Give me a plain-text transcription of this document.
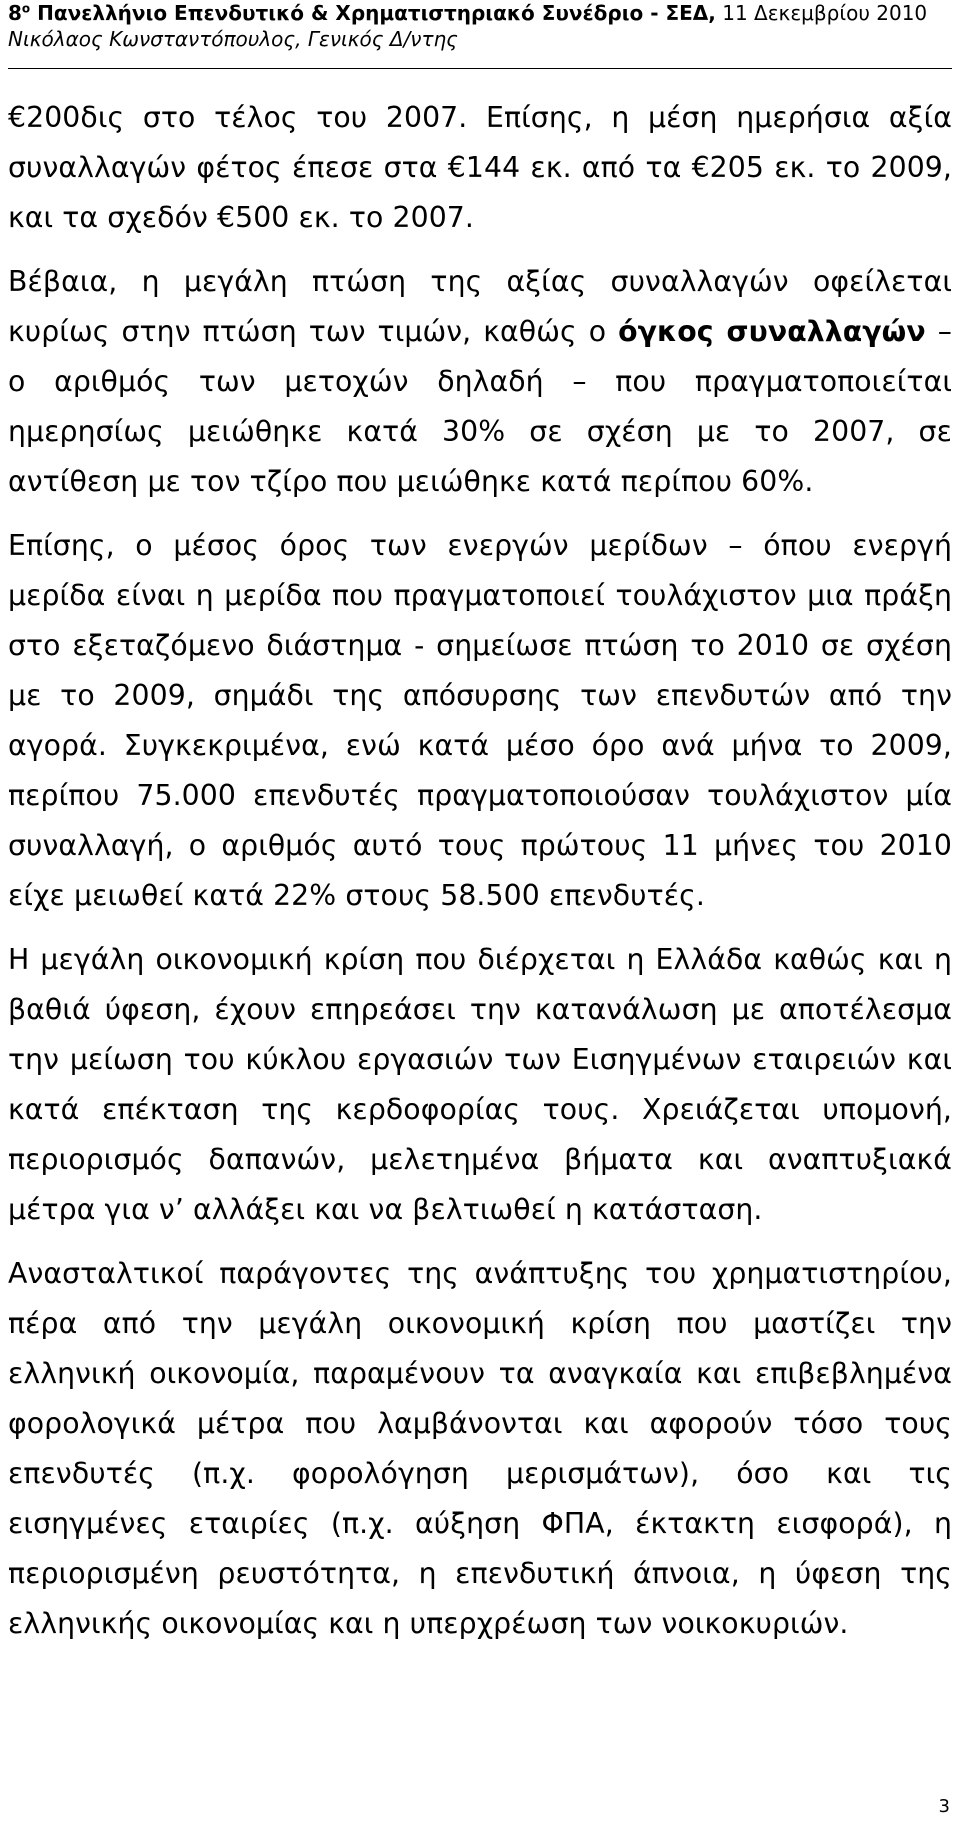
$8^o$ Πανελλήνιο Επενδυτικό & Χρηματιστηριακό Συνέδριο - ΣΕΔ, 11 Δεκεμβρίου 2010
Νικόλαος Κωνσταντόπουλος, Γενικός Δ/ντης

€200δις στο τέλος του 2007. Επίσης, η μέση ημερήσια αξία συναλλαγών φέτος έπεσε στα €144 εκ. από τα €205 εκ. το 2009, και τα σχεδόν €500 εκ. το 2007.

Βέβαια, η μεγάλη πτώση της αξίας συναλλαγών οφείλεται κυρίως στην πτώση των τιμών, καθώς ο όγκος συναλλαγών – ο αριθμός των μετοχών δηλαδή – που πραγματοποιείται ημερησίως μειώθηκε κατά 30% σε σχέση με το 2007, σε αντίθεση με τον τζίρο που μειώθηκε κατά περίπου 60%.

Επίσης, ο μέσος όρος των ενεργών μερίδων – όπου ενεργή μερίδα είναι η μερίδα που πραγματοποιεί τουλάχιστον μια πράξη στο εξεταζόμενο διάστημα - σημείωσε πτώση το 2010 σε σχέση με το 2009, σημάδι της απόσυρσης των επενδυτών από την αγορά. Συγκεκριμένα, ενώ κατά μέσο όρο ανά μήνα το 2009, περίπου 75.000 επενδυτές πραγματοποιούσαν τουλάχιστον μία συναλλαγή, ο αριθμός αυτό τους πρώτους 11 μήνες του 2010 είχε μειωθεί κατά 22% στους 58.500 επενδυτές.

Η μεγάλη οικονομική κρίση που διέρχεται η Ελλάδα καθώς και η βαθιά ύφεση, έχουν επηρεάσει την κατανάλωση με αποτέλεσμα την μείωση του κύκλου εργασιών των Εισηγμένων εταιρειών και κατά επέκταση της κερδοφορίας τους. Χρειάζεται υπομονή, περιορισμός δαπανών, μελετημένα βήματα και αναπτυξιακά μέτρα για ν’ αλλάξει και να βελτιωθεί η κατάσταση.

Ανασταλτικοί παράγοντες της ανάπτυξης του χρηματιστηρίου, πέρα από την μεγάλη οικονομική κρίση που μαστίζει την ελληνική οικονομία, παραμένουν τα αναγκαία και επιβεβλημένα φορολογικά μέτρα που λαμβάνονται και αφορούν τόσο τους επενδυτές (π.χ. φορολόγηση μερισμάτων), όσο και τις εισηγμένες εταιρίες (π.χ. αύξηση ΦΠΑ, έκτακτη εισφορά), η περιορισμένη ρευστότητα, η επενδυτική άπνοια, η ύφεση της ελληνικής οικονομίας και η υπερχρέωση των νοικοκυριών.

3
